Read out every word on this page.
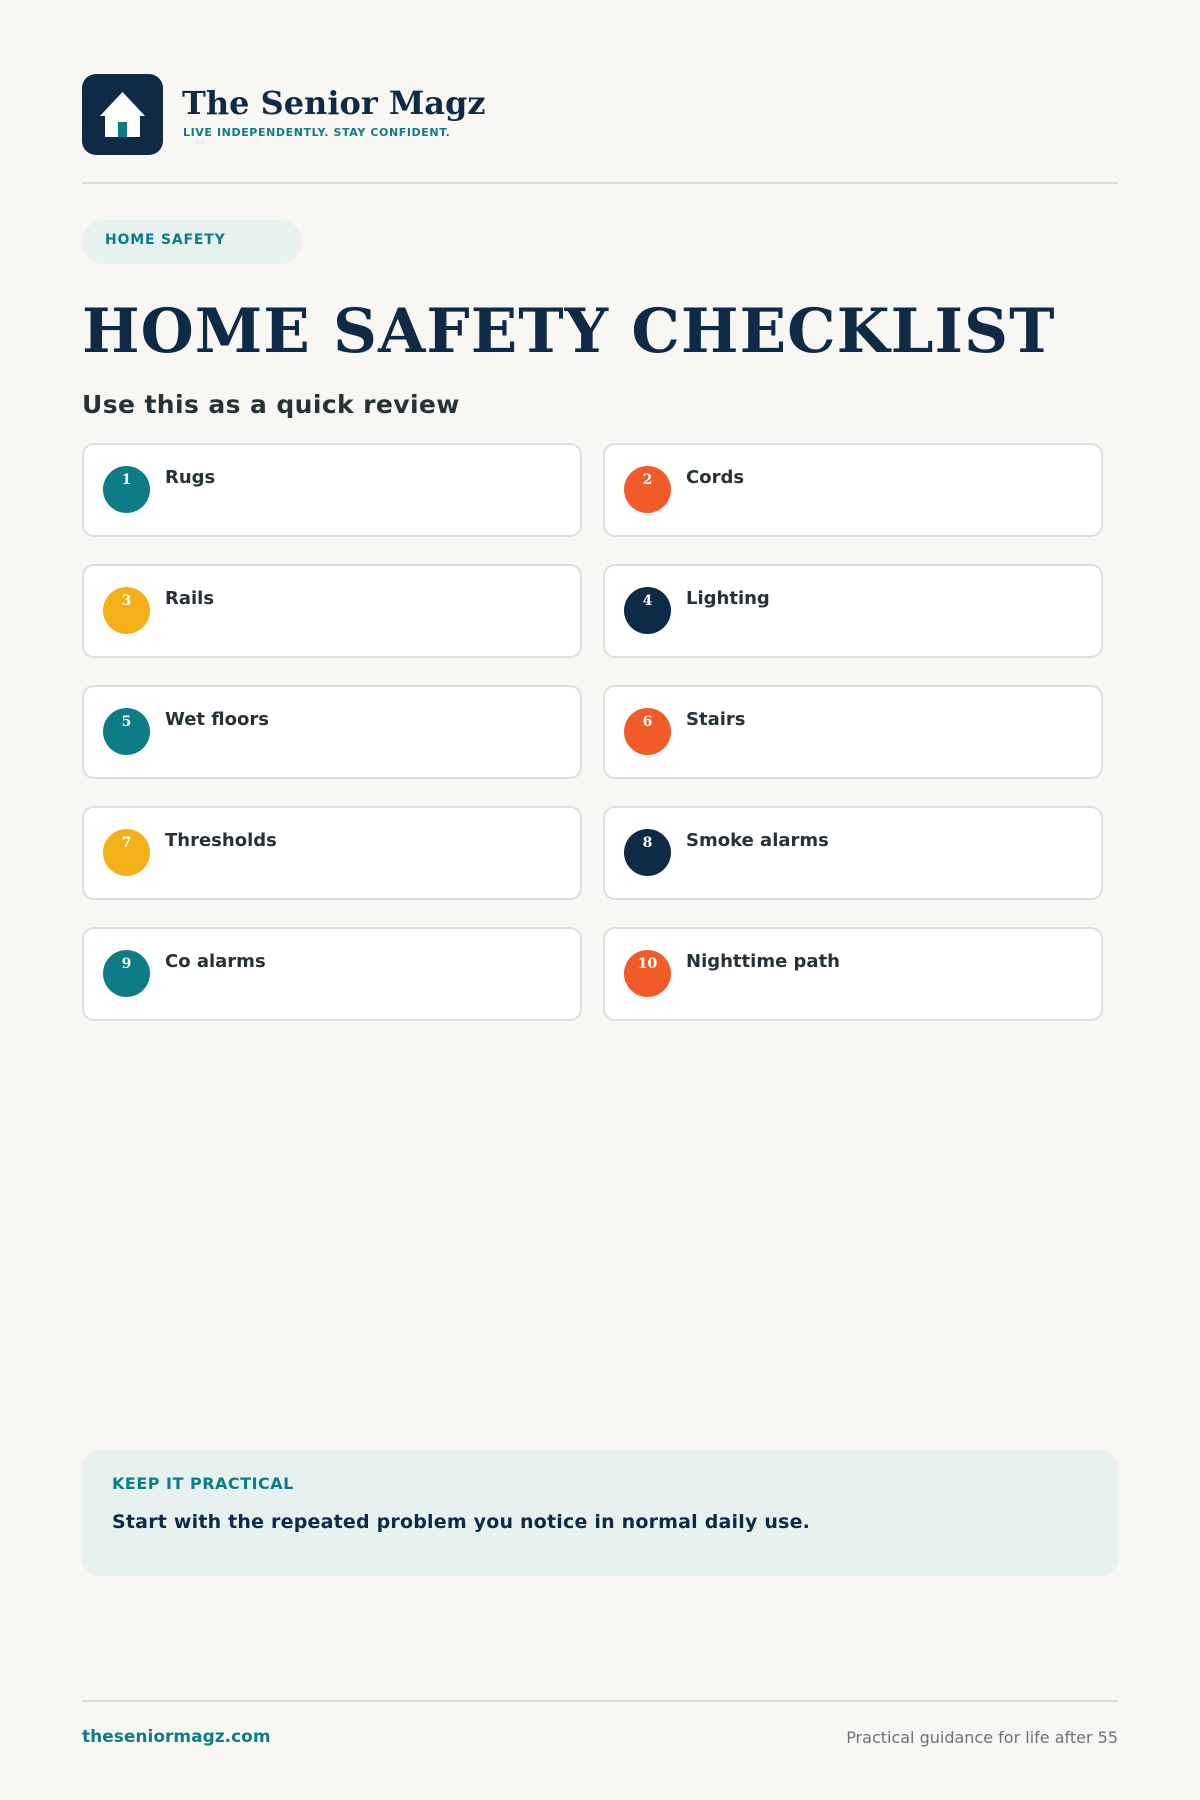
The Senior Magz
LIVE INDEPENDENTLY. STAY CONFIDENT.
HOME SAFETY
HOME SAFETY CHECKLIST
Use this as a quick review
1	Rugs	2	Cords
3	Rails	4	Lighting
5	Wet floors	6	Stairs
7	Thresholds	8	Smoke alarms
9	Co alarms	10	Nighttime path
KEEP IT PRACTICAL
Start with the repeated problem you notice in normal daily use.
theseniormagz.com	Practical guidance for life after 55
